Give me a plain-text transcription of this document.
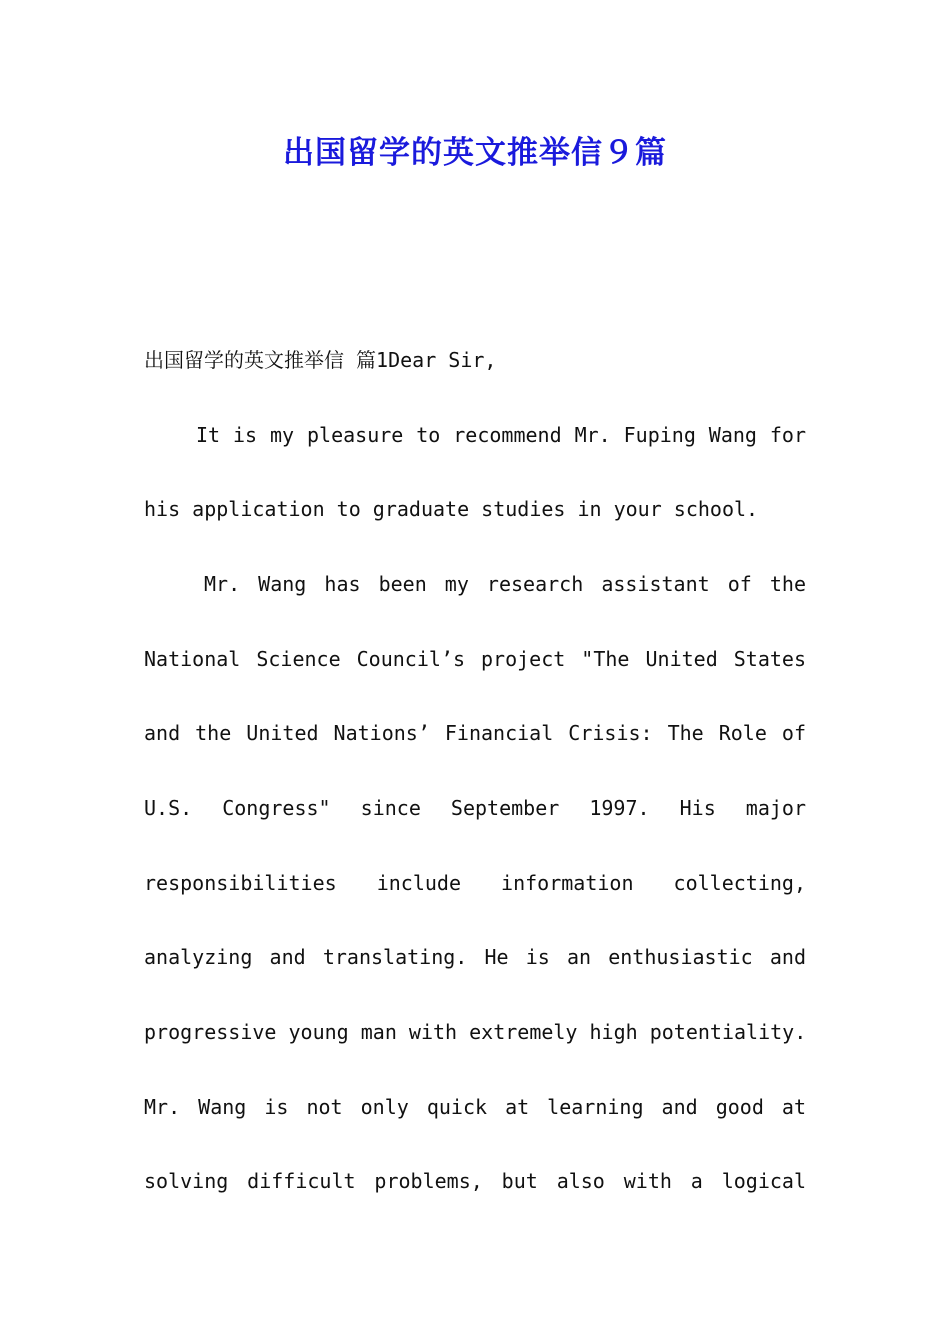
出国留学的英文推举信９篇

出国留学的英文推举信 篇1Dear Sir,

It is my pleasure to recommend Mr. Fuping Wang for

his application to graduate studies in your school.

Mr. Wang has been my research assistant of the

National Science Council’s project "The United States

and the United Nations’ Financial Crisis: The Role of

U.S. Congress" since September 1997. His major

responsibilities include information collecting,

analyzing and translating. He is an enthusiastic and

progressive young man with extremely high potentiality.

Mr. Wang is not only quick at learning and good at

solving difficult problems, but also with a logical
